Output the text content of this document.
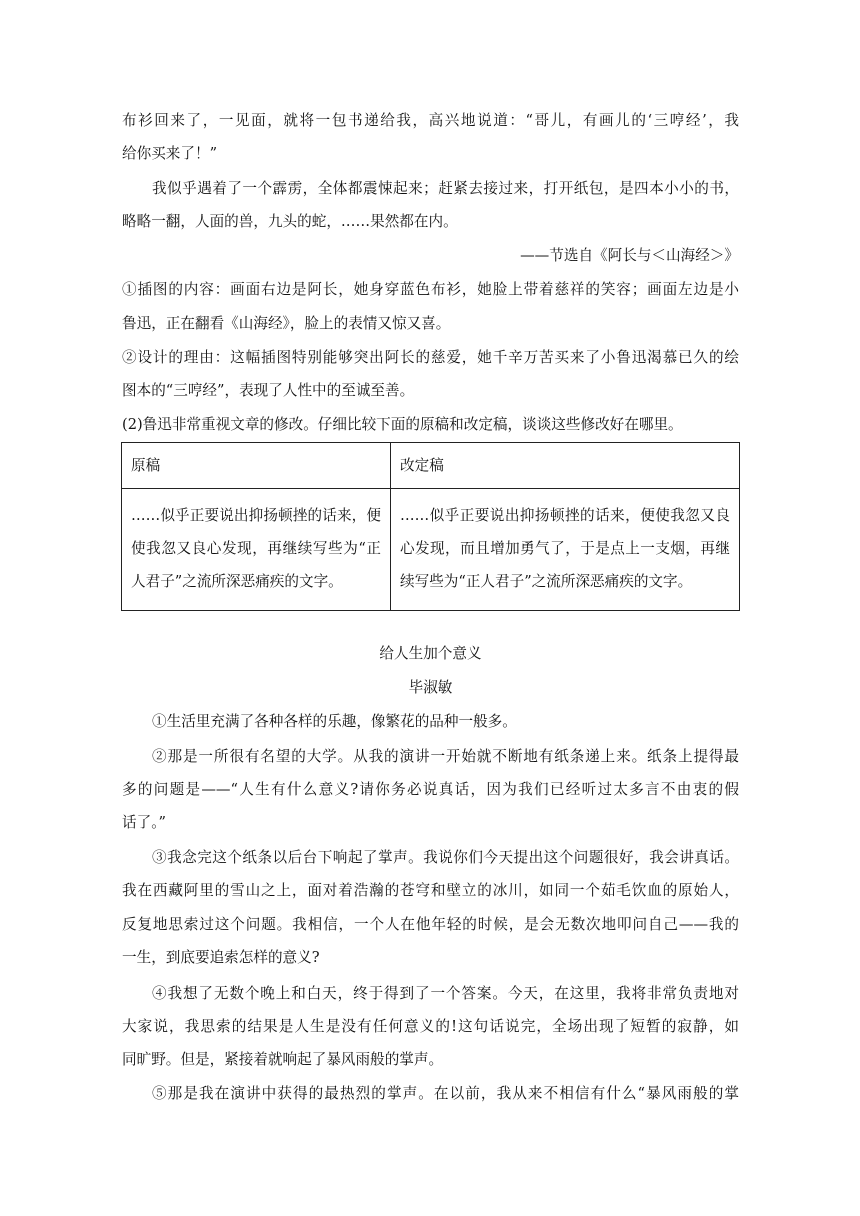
布衫回来了，一见面，就将一包书递给我，高兴地说道：“哥儿，有画儿的‘三哼经’，我
给你买来了！”
我似乎遇着了一个霹雳，全体都震悚起来；赶紧去接过来，打开纸包，是四本小小的书，
略略一翻，人面的兽，九头的蛇，……果然都在内。
——节选自《阿长与＜山海经＞》
①插图的内容：画面右边是阿长，她身穿蓝色布衫，她脸上带着慈祥的笑容；画面左边是小
鲁迅，正在翻看《山海经》，脸上的表情又惊又喜。
②设计的理由：这幅插图特别能够突出阿长的慈爱，她千辛万苦买来了小鲁迅渴慕已久的绘
图本的“三哼经”，表现了人性中的至诚至善。
(2)鲁迅非常重视文章的修改。仔细比较下面的原稿和改定稿，谈谈这些修改好在哪里。
原稿	改定稿

……似乎正要说出抑扬顿挫的话来，便
使我忽又良心发现，再继续写些为“正
人君子”之流所深恶痛疾的文字。	……似乎正要说出抑扬顿挫的话来，便使我忽又良
心发现，而且增加勇气了，于是点上一支烟，再继
续写些为“正人君子”之流所深恶痛疾的文字。
给人生加个意义
毕淑敏
①生活里充满了各种各样的乐趣，像繁花的品种一般多。
②那是一所很有名望的大学。从我的演讲一开始就不断地有纸条递上来。纸条上提得最
多的问题是——“人生有什么意义?请你务必说真话，因为我们已经听过太多言不由衷的假
话了。”
③我念完这个纸条以后台下响起了掌声。我说你们今天提出这个问题很好，我会讲真话。
我在西藏阿里的雪山之上，面对着浩瀚的苍穹和壁立的冰川，如同一个茹毛饮血的原始人，
反复地思索过这个问题。我相信，一个人在他年轻的时候，是会无数次地叩问自己——我的
一生，到底要追索怎样的意义?
④我想了无数个晚上和白天，终于得到了一个答案。今天，在这里，我将非常负责地对
大家说，我思索的结果是人生是没有任何意义的!这句话说完，全场出现了短暂的寂静，如
同旷野。但是，紧接着就响起了暴风雨般的掌声。
⑤那是我在演讲中获得的最热烈的掌声。在以前，我从来不相信有什么“暴风雨般的掌
